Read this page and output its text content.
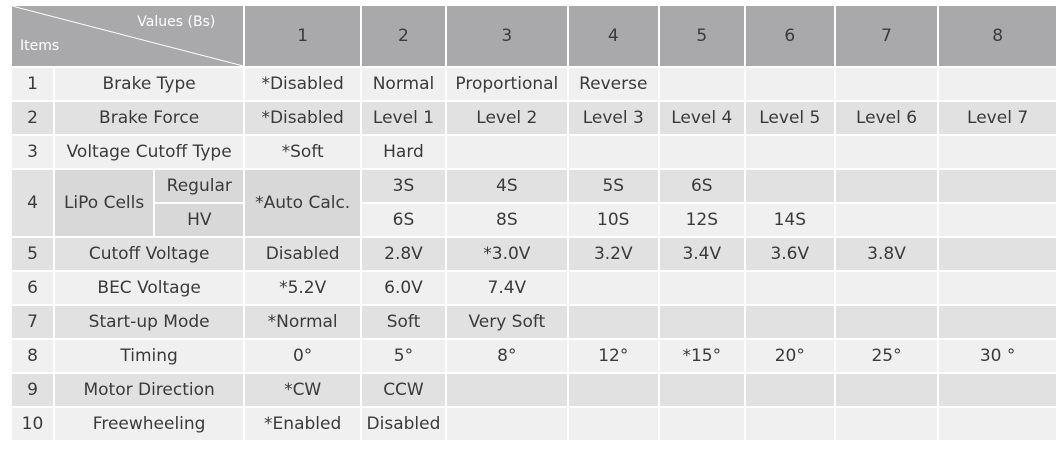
Values (Bs)
Items			1	2	3	4	5	6	7	8
1	Brake Type		*Disabled	Normal	Proportional	Reverse				
2	Brake Force		*Disabled	Level 1	Level 2	Level 3	Level 4	Level 5	Level 6	Level 7
3	Voltage Cutoff Type		*Soft	Hard						
4	LiPo Cells	Regular	*Auto Calc.	3S	4S	5S	6S			
		HV		6S	8S	10S	12S	14S		
5	Cutoff Voltage		Disabled	2.8V	*3.0V	3.2V	3.4V	3.6V	3.8V	
6	BEC Voltage		*5.2V	6.0V	7.4V					
7	Start-up Mode		*Normal	Soft	Very Soft					
8	Timing		0°	5°	8°	12°	*15°	20°	25°	30 °
9	Motor Direction		*CW	CCW						
10	Freewheeling		*Enabled	Disabled						
